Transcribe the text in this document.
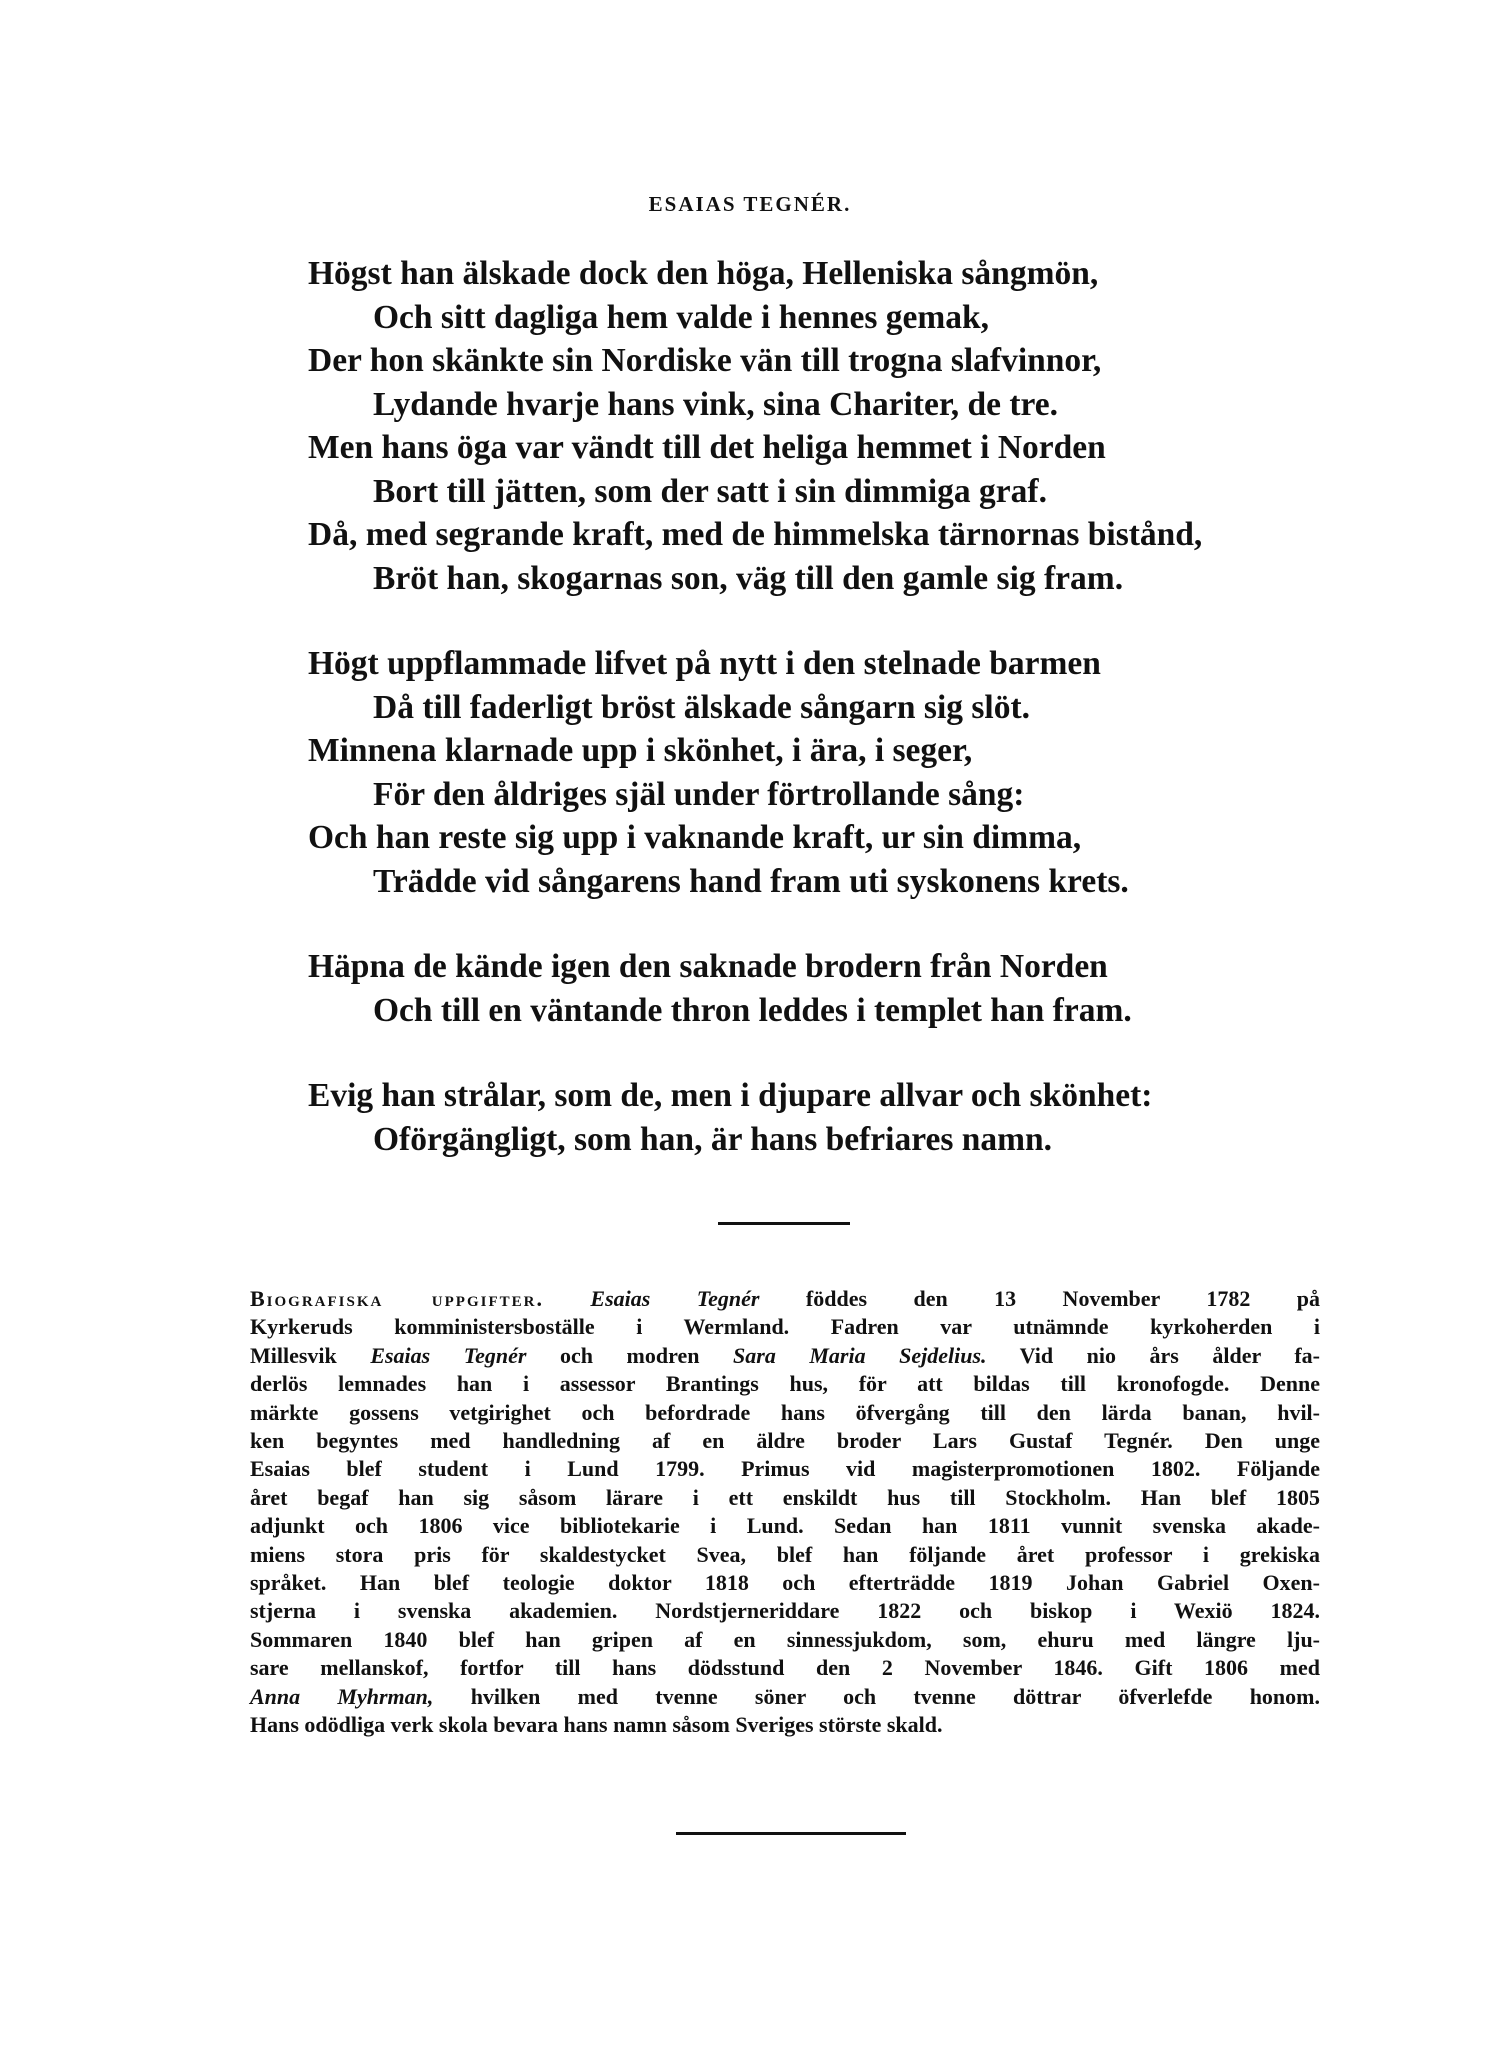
ESAIAS TEGNÉR.
Högst han älskade dock den höga, Helleniska sångmön,
Och sitt dagliga hem valde i hennes gemak,
Der hon skänkte sin Nordiske vän till trogna slafvinnor,
Lydande hvarje hans vink, sina Chariter, de tre.
Men hans öga var vändt till det heliga hemmet i Norden
Bort till jätten, som der satt i sin dimmiga graf.
Då, med segrande kraft, med de himmelska tärnornas bistånd,
Bröt han, skogarnas son, väg till den gamle sig fram.
Högt uppflammade lifvet på nytt i den stelnade barmen
Då till faderligt bröst älskade sångarn sig slöt.
Minnena klarnade upp i skönhet, i ära, i seger,
För den åldriges själ under förtrollande sång:
Och han reste sig upp i vaknande kraft, ur sin dimma,
Trädde vid sångarens hand fram uti syskonens krets.
Häpna de kände igen den saknade brodern från Norden
Och till en väntande thron leddes i templet han fram.
Evig han strålar, som de, men i djupare allvar och skönhet:
Oförgängligt, som han, är hans befriares namn.
Biografiska uppgifter. Esaias Tegnér föddes den 13 November 1782 på
Kyrkeruds komministersboställe i Wermland. Fadren var utnämnde kyrkoherden i
Millesvik Esaias Tegnér och modren Sara Maria Sejdelius. Vid nio års ålder fa-
derlös lemnades han i assessor Brantings hus, för att bildas till kronofogde. Denne
märkte gossens vetgirighet och befordrade hans öfvergång till den lärda banan, hvil-
ken begyntes med handledning af en äldre broder Lars Gustaf Tegnér. Den unge
Esaias blef student i Lund 1799. Primus vid magisterpromotionen 1802. Följande
året begaf han sig såsom lärare i ett enskildt hus till Stockholm. Han blef 1805
adjunkt och 1806 vice bibliotekarie i Lund. Sedan han 1811 vunnit svenska akade-
miens stora pris för skaldestycket Svea, blef han följande året professor i grekiska
språket. Han blef teologie doktor 1818 och efterträdde 1819 Johan Gabriel Oxen-
stjerna i svenska akademien. Nordstjerneriddare 1822 och biskop i Wexiö 1824.
Sommaren 1840 blef han gripen af en sinnessjukdom, som, ehuru med längre lju-
sare mellanskof, fortfor till hans dödsstund den 2 November 1846. Gift 1806 med
Anna Myhrman, hvilken med tvenne söner och tvenne döttrar öfverlefde honom.
Hans odödliga verk skola bevara hans namn såsom Sveriges störste skald.
